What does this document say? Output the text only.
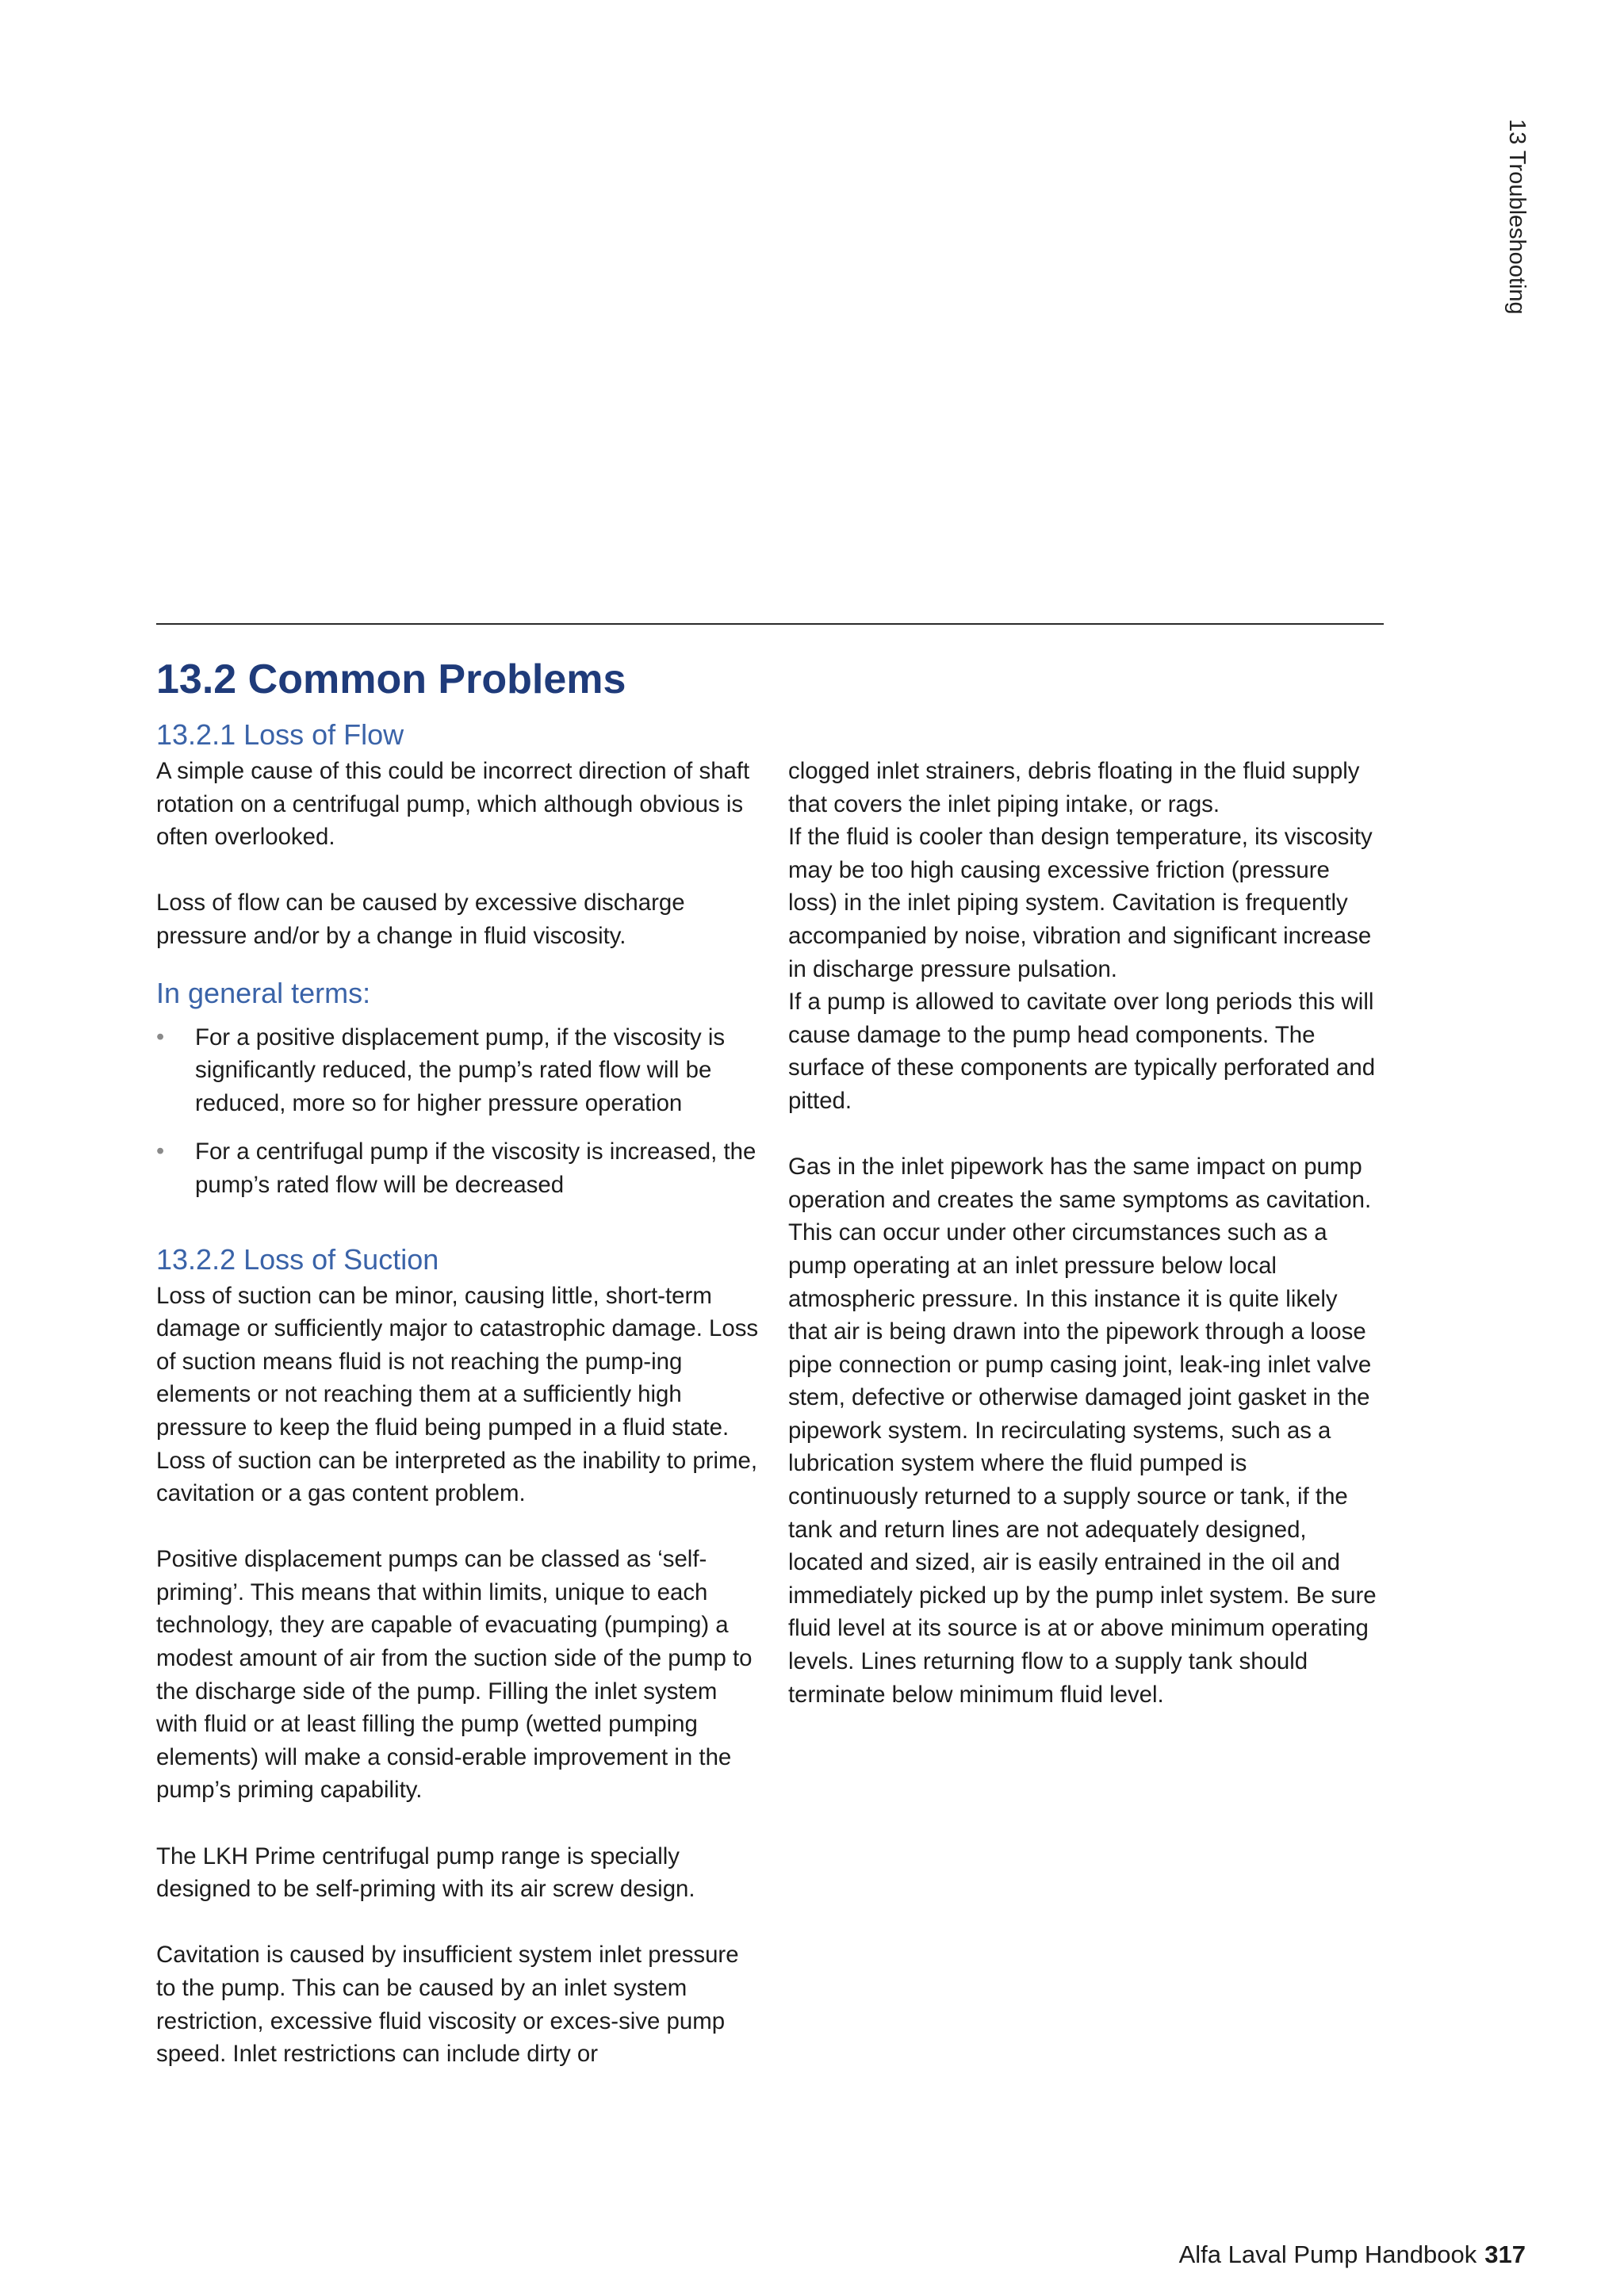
13 Troubleshooting
13.2 Common Problems
13.2.1 Loss of Flow

A simple cause of this could be incorrect direction of shaft rotation on a centrifugal pump, which although obvious is often overlooked.

Loss of flow can be caused by excessive discharge pressure and/or by a change in fluid viscosity.

In general terms:
• For a positive displacement pump, if the viscosity is significantly reduced, the pump’s rated flow will be reduced, more so for higher pressure operation
• For a centrifugal pump if the viscosity is increased, the pump’s rated flow will be decreased
13.2.2 Loss of Suction

Loss of suction can be minor, causing little, short-term damage or sufficiently major to catastrophic damage. Loss of suction means fluid is not reaching the pump-ing elements or not reaching them at a sufficiently high pressure to keep the fluid being pumped in a fluid state. Loss of suction can be interpreted as the inability to prime, cavitation or a gas content problem.

Positive displacement pumps can be classed as ‘self-priming’. This means that within limits, unique to each technology, they are capable of evacuating (pumping) a modest amount of air from the suction side of the pump to the discharge side of the pump. Filling the inlet system with fluid or at least filling the pump (wetted pumping elements) will make a consid-erable improvement in the pump’s priming capability.

The LKH Prime centrifugal pump range is specially designed to be self-priming with its air screw design.

Cavitation is caused by insufficient system inlet pressure to the pump. This can be caused by an inlet system restriction, excessive fluid viscosity or exces-sive pump speed. Inlet restrictions can include dirty or

clogged inlet strainers, debris floating in the fluid supply that covers the inlet piping intake, or rags.

If the fluid is cooler than design temperature, its viscosity may be too high causing excessive friction (pressure loss) in the inlet piping system. Cavitation is frequently accompanied by noise, vibration and significant increase in discharge pressure pulsation.

If a pump is allowed to cavitate over long periods this will cause damage to the pump head components. The surface of these components are typically perforated and pitted.

Gas in the inlet pipework has the same impact on pump operation and creates the same symptoms as cavitation. This can occur under other circumstances such as a pump operating at an inlet pressure below local atmospheric pressure. In this instance it is quite likely that air is being drawn into the pipework through a loose pipe connection or pump casing joint, leak-ing inlet valve stem, defective or otherwise damaged joint gasket in the pipework system. In recirculating systems, such as a lubrication system where the fluid pumped is continuously returned to a supply source or tank, if the tank and return lines are not adequately designed, located and sized, air is easily entrained in the oil and immediately picked up by the pump inlet system. Be sure fluid level at its source is at or above minimum operating levels. Lines returning flow to a supply tank should terminate below minimum fluid level.

Alfa Laval Pump Handbook 317
